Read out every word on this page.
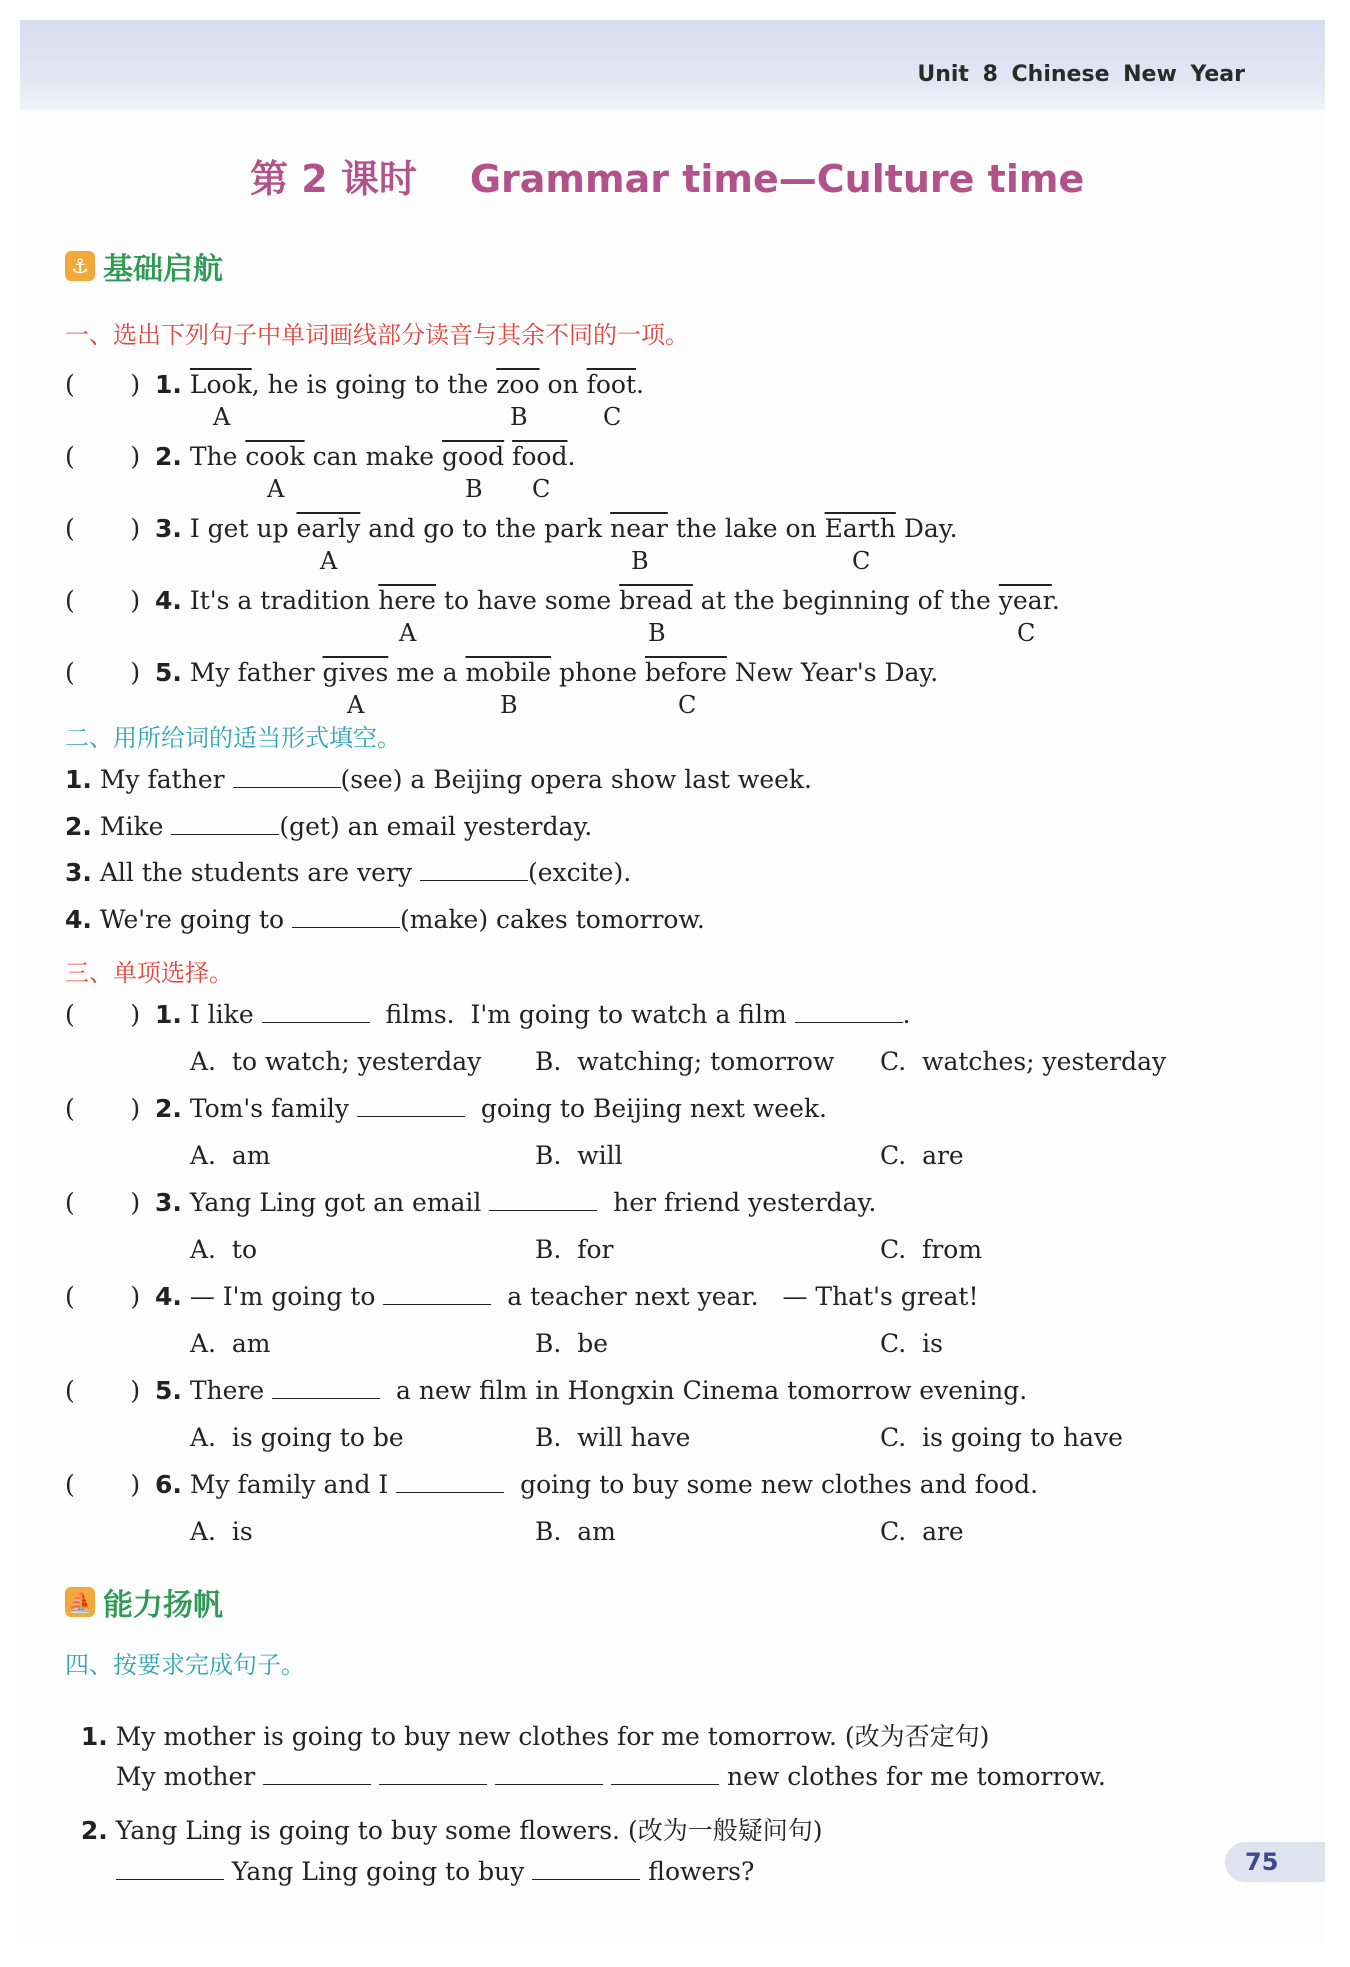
Unit 8 Chinese New Year
第 2 课时    Grammar time—Culture time
⚓ 基础启航
一、选出下列句子中单词画线部分读音与其余不同的一项。
(       ) 1. Look, he is going to the $\overline{zoo}$ on foot.
(       ) 2. The cook can make good food.
(       ) 3. I get up early and go to the park near the lake on Earth Day.
(       ) 4. It's a tradition here to have some bread at the beginning of the year.
(       ) 5. My father gives me a mobile phone before New Year's Day.
A	B	C
A	B C
A	B	C
A	B	C
A	B	C
二、用所给词的适当形式填空。
1. My father	(see) a Beijing opera show last week.
2. Mike	(get) an email yesterday.
3. All the students are very	(excite).
4. We're going to	(make) cakes tomorrow.
三、单项选择。
(       ) 1. I like	films.  I'm going to watch a film	.
A.  to watch; yesterday B.  watching; tomorrow C.  watches; yesterday
(       ) 2. Tom's family	going to Beijing next week.
A.  am	B.  will	C.  are
(       ) 3. Yang Ling got an email	her friend yesterday.
A.  to	B.  for	C.  from
(       ) 4. — I'm going to	a teacher next year.   — That's great!
A.  am	B.  be	C.  is
(       ) 5. There	a new film in Hongxin Cinema tomorrow evening.
A.  is going to be	B.  will have	C.  is going to have
(       ) 6. My family and I	going to buy some new clothes and food.
A.  is	B.  am	C.  are
⛵ 能力扬帆
四、按要求完成句子。

1. My mother is going to buy new clothes for me tomorrow. (改为否定句)

My mother	new clothes for me tomorrow.

2. Yang Ling is going to buy some flowers. (改为一般疑问句)

Yang Ling going to buy	flowers?	75
